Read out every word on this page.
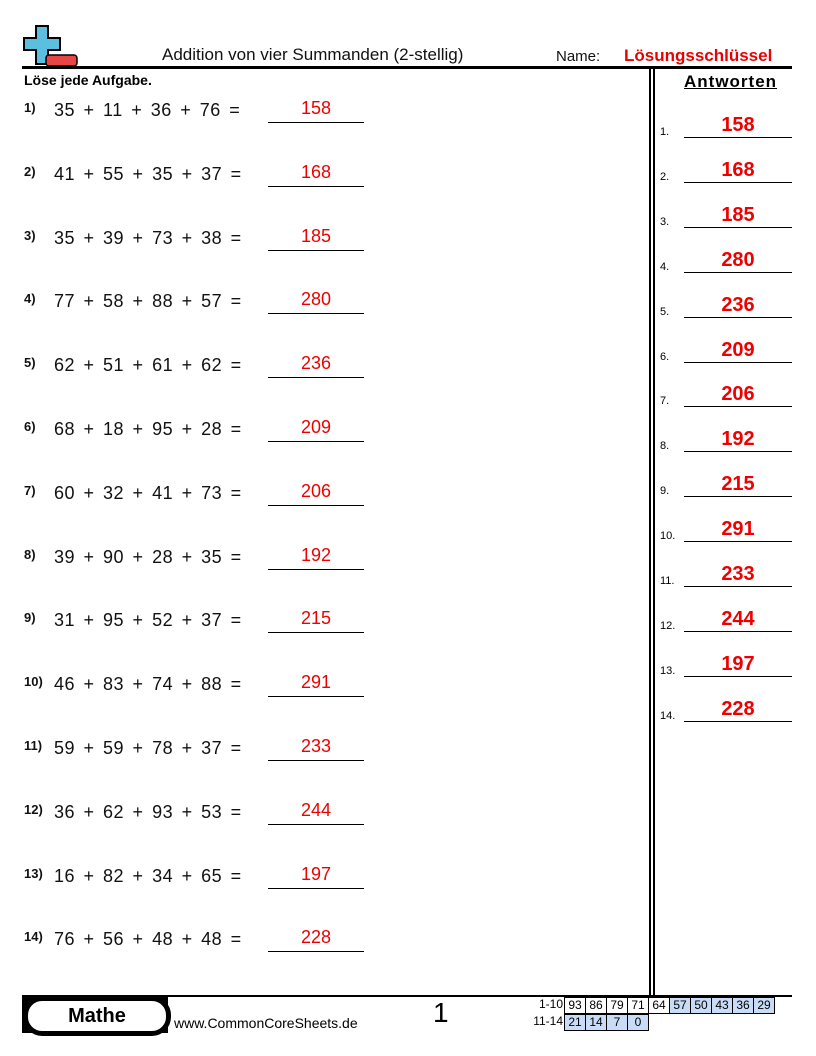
Addition von vier Summanden (2-stellig)	Name: Lösungsschlüssel
Löse jede Aufgabe.	Antworten
1) 35 + 11 + 36 + 76 =	158
2) 41 + 55 + 35 + 37 =	168
3) 35 + 39 + 73 + 38 =	185
4) 77 + 58 + 88 + 57 =	280
5) 62 + 51 + 61 + 62 =	236
6) 68 + 18 + 95 + 28 =	209
7) 60 + 32 + 41 + 73 =	206
8) 39 + 90 + 28 + 35 =	192
9) 31 + 95 + 52 + 37 =	215
10) 46 + 83 + 74 + 88 =	291
11) 59 + 59 + 78 + 37 =	233
12) 36 + 62 + 93 + 53 =	244
13) 16 + 82 + 34 + 65 =	197
14) 76 + 56 + 48 + 48 =	228
1.	158
2.	168
3.	185
4.	280
5.	236
6.	209
7.	206
8.	192
9.	215
10.	291
11.	233
12.	244
13.	197
14.	228
Mathe	www.CommonCoreSheets.de	1	1-10 93 86 79 71 64 57 50 43 36 29
11-14 21 14 7	0
